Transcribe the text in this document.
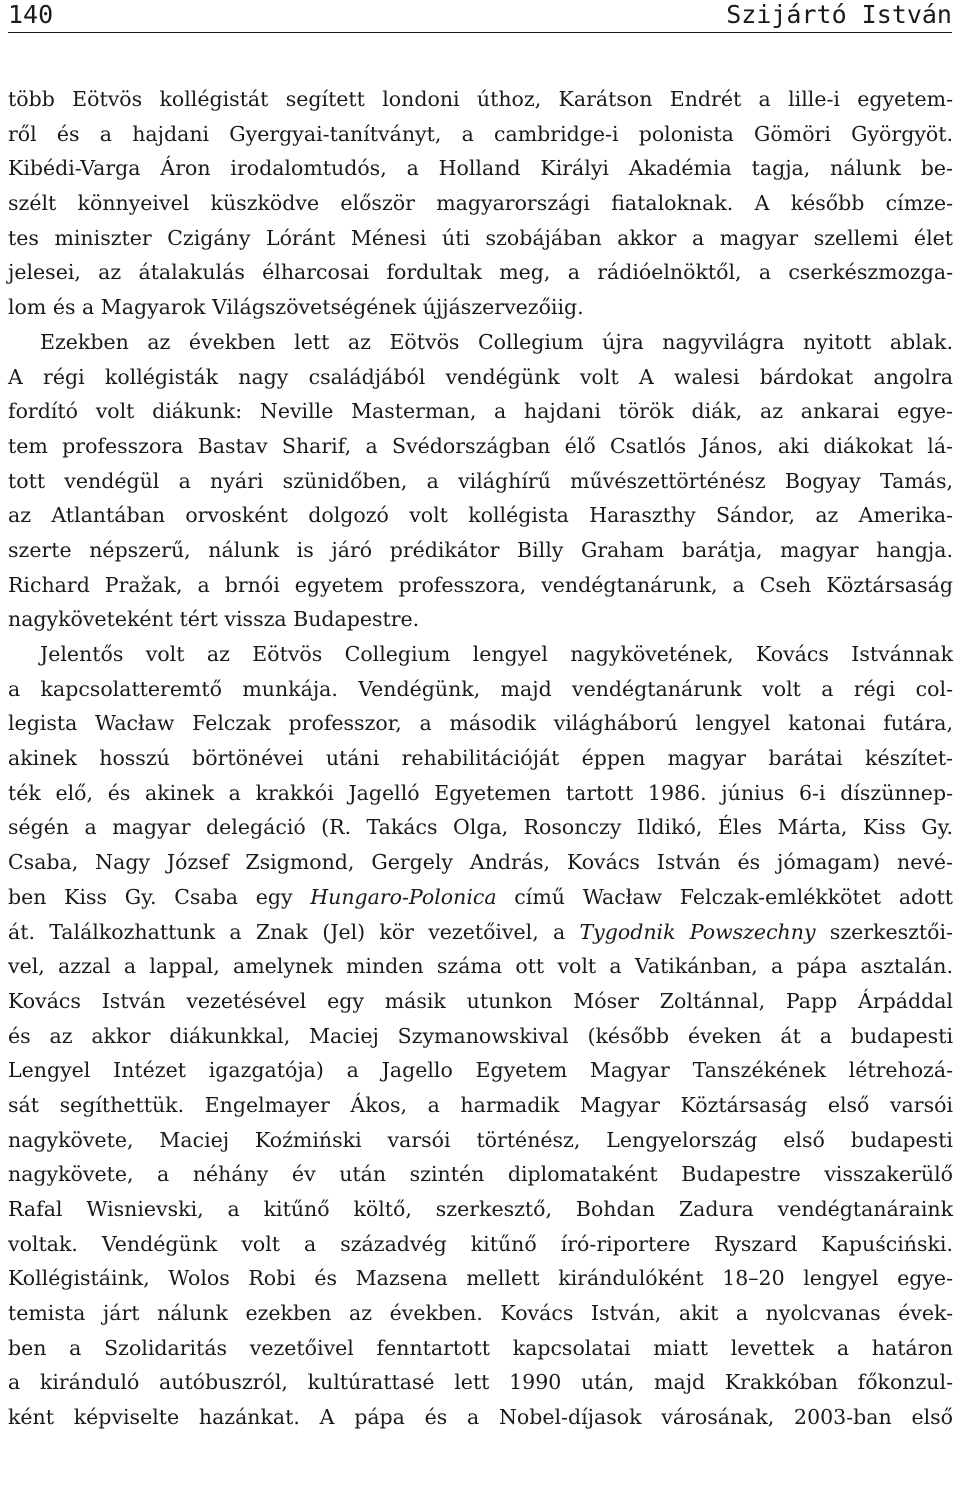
140	Szijártó István
több Eötvös kollégistát segített londoni úthoz, Karátson Endrét a lille-i egyetem-
ről és a hajdani Gyergyai-tanítványt, a cambridge-i polonista Gömöri Györgyöt.
Kibédi-Varga Áron irodalomtudós, a Holland Királyi Akadémia tagja, nálunk be-
szélt könnyeivel küszködve először magyarországi fiataloknak. A később címze-
tes miniszter Czigány Lóránt Ménesi úti szobájában akkor a magyar szellemi élet
jelesei, az átalakulás élharcosai fordultak meg, a rádióelnöktől, a cserkészmozga-
lom és a Magyarok Világszövetségének újjászervezőiig.
Ezekben az években lett az Eötvös Collegium újra nagyvilágra nyitott ablak.
A régi kollégisták nagy családjából vendégünk volt A walesi bárdokat angolra
fordító volt diákunk: Neville Masterman, a hajdani török diák, az ankarai egye-
tem professzora Bastav Sharif, a Svédországban élő Csatlós János, aki diákokat lá-
tott vendégül a nyári szünidőben, a világhírű művészettörténész Bogyay Tamás,
az Atlantában orvosként dolgozó volt kollégista Haraszthy Sándor, az Amerika-
szerte népszerű, nálunk is járó prédikátor Billy Graham barátja, magyar hangja.
Richard Pražak, a brnói egyetem professzora, vendégtanárunk, a Cseh Köztársaság
nagyköveteként tért vissza Budapestre.
Jelentős volt az Eötvös Collegium lengyel nagykövetének, Kovács Istvánnak
a kapcsolatteremtő munkája. Vendégünk, majd vendégtanárunk volt a régi col-
legista Wacław Felczak professzor, a második világháború lengyel katonai futára,
akinek hosszú börtönévei utáni rehabilitációját éppen magyar barátai készítet-
ték elő, és akinek a krakkói Jagelló Egyetemen tartott 1986. június 6-i díszünnep-
ségén a magyar delegáció (R. Takács Olga, Rosonczy Ildikó, Éles Márta, Kiss Gy.
Csaba, Nagy József Zsigmond, Gergely András, Kovács István és jómagam) nevé-
ben Kiss Gy. Csaba egy Hungaro-Polonica című Wacław Felczak-emlékkötet adott
át. Találkozhattunk a Znak (Jel) kör vezetőivel, a Tygodnik Powszechny szerkesztői-
vel, azzal a lappal, amelynek minden száma ott volt a Vatikánban, a pápa asztalán.
Kovács István vezetésével egy másik utunkon Móser Zoltánnal, Papp Árpáddal
és az akkor diákunkkal, Maciej Szymanowskival (később éveken át a budapesti
Lengyel Intézet igazgatója) a Jagello Egyetem Magyar Tanszékének létrehozá-
sát segíthettük. Engelmayer Ákos, a harmadik Magyar Köztársaság első varsói
nagykövete, Maciej Koźmiński varsói történész, Lengyelország első budapesti
nagykövete, a néhány év után szintén diplomataként Budapestre visszakerülő
Rafal Wisnievski, a kitűnő költő, szerkesztő, Bohdan Zadura vendégtanáraink
voltak. Vendégünk volt a századvég kitűnő író-riportere Ryszard Kapuściński.
Kollégistáink, Wolos Robi és Mazsena mellett kirándulóként 18–20 lengyel egye-
temista járt nálunk ezekben az években. Kovács István, akit a nyolcvanas évek-
ben a Szolidaritás vezetőivel fenntartott kapcsolatai miatt levettek a határon
a kiránduló autóbuszról, kultúrattasé lett 1990 után, majd Krakkóban főkonzul-
ként képviselte hazánkat. A pápa és a Nobel-díjasok városának, 2003-ban első
